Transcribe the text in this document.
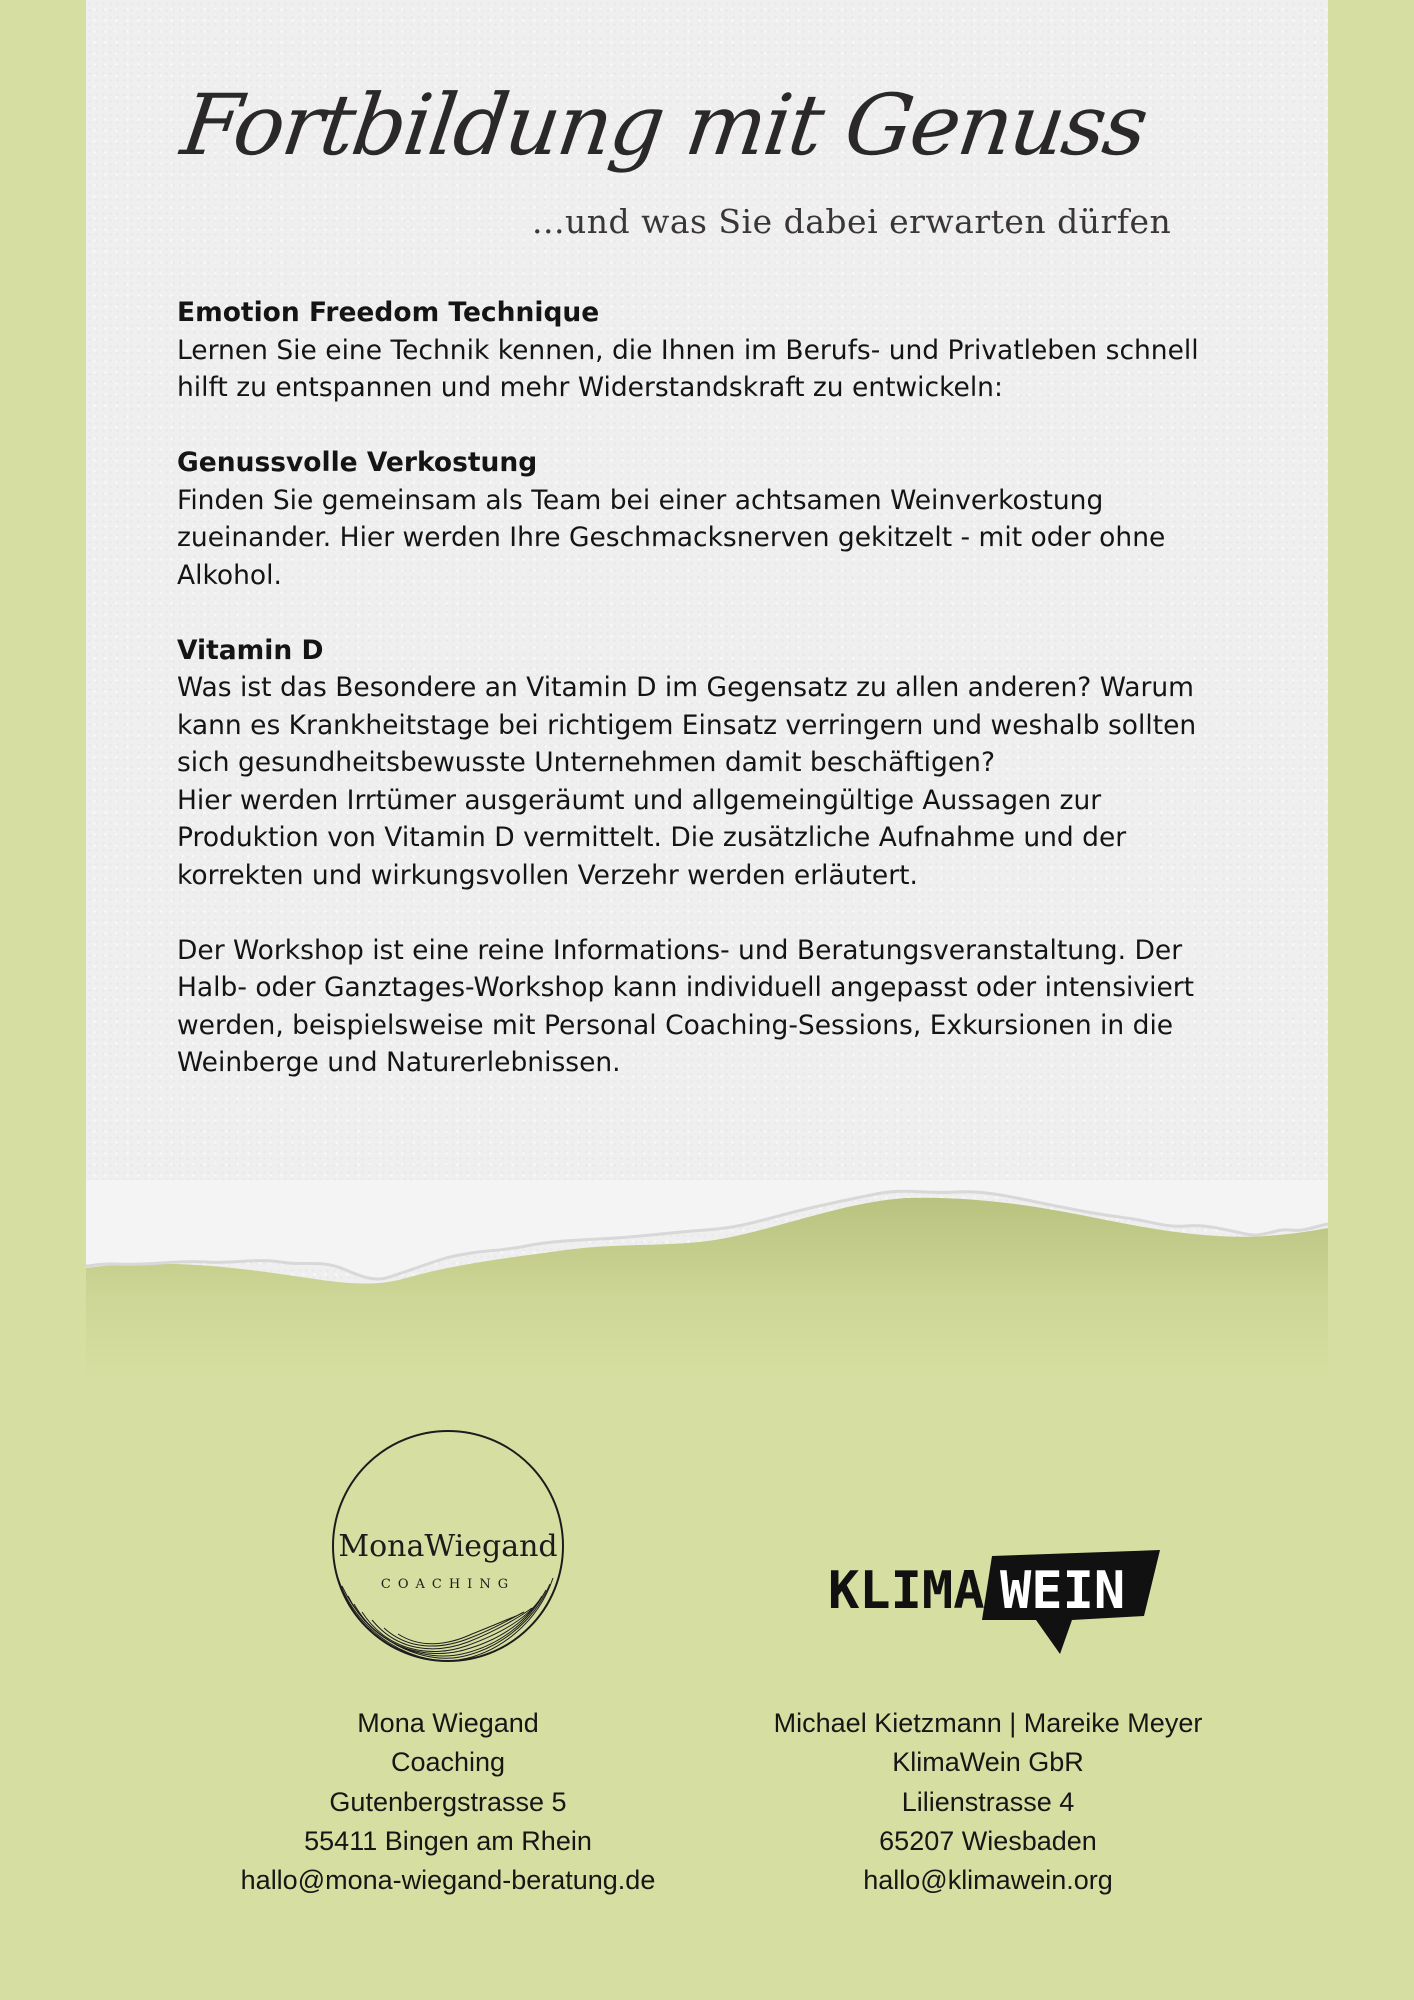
Fortbildung mit Genuss
...und was Sie dabei erwarten dürfen
Emotion Freedom Technique

Lernen Sie eine Technik kennen, die Ihnen im Berufs- und Privatleben schnell hilft zu entspannen und mehr Widerstandskraft zu entwickeln:

Genussvolle Verkostung

Finden Sie gemeinsam als Team bei einer achtsamen Weinverkostung zueinander. Hier werden Ihre Geschmacksnerven gekitzelt - mit oder ohne Alkohol.

Vitamin D

Was ist das Besondere an Vitamin D im Gegensatz zu allen anderen? Warum kann es Krankheitstage bei richtigem Einsatz verringern und weshalb sollten sich gesundheitsbewusste Unternehmen damit beschäftigen?

Hier werden Irrtümer ausgeräumt und allgemeingültige Aussagen zur Produktion von Vitamin D vermittelt. Die zusätzliche Aufnahme und der korrekten und wirkungsvollen Verzehr werden erläutert.

Der Workshop ist eine reine Informations- und Beratungsveranstaltung. Der Halb- oder Ganztages-Workshop kann individuell angepasst oder intensiviert werden, beispielsweise mit Personal Coaching-Sessions, Exkursionen in die Weinberge und Naturerlebnissen.

MonaWiegand
COACHING	KLIMA WEIN
Mona Wiegand
Coaching
Gutenbergstrasse 5
55411 Bingen am Rhein
hallo@mona-wiegand-beratung.de
Michael Kietzmann | Mareike Meyer
KlimaWein GbR
Lilienstrasse 4
65207 Wiesbaden
hallo@klimawein.org
